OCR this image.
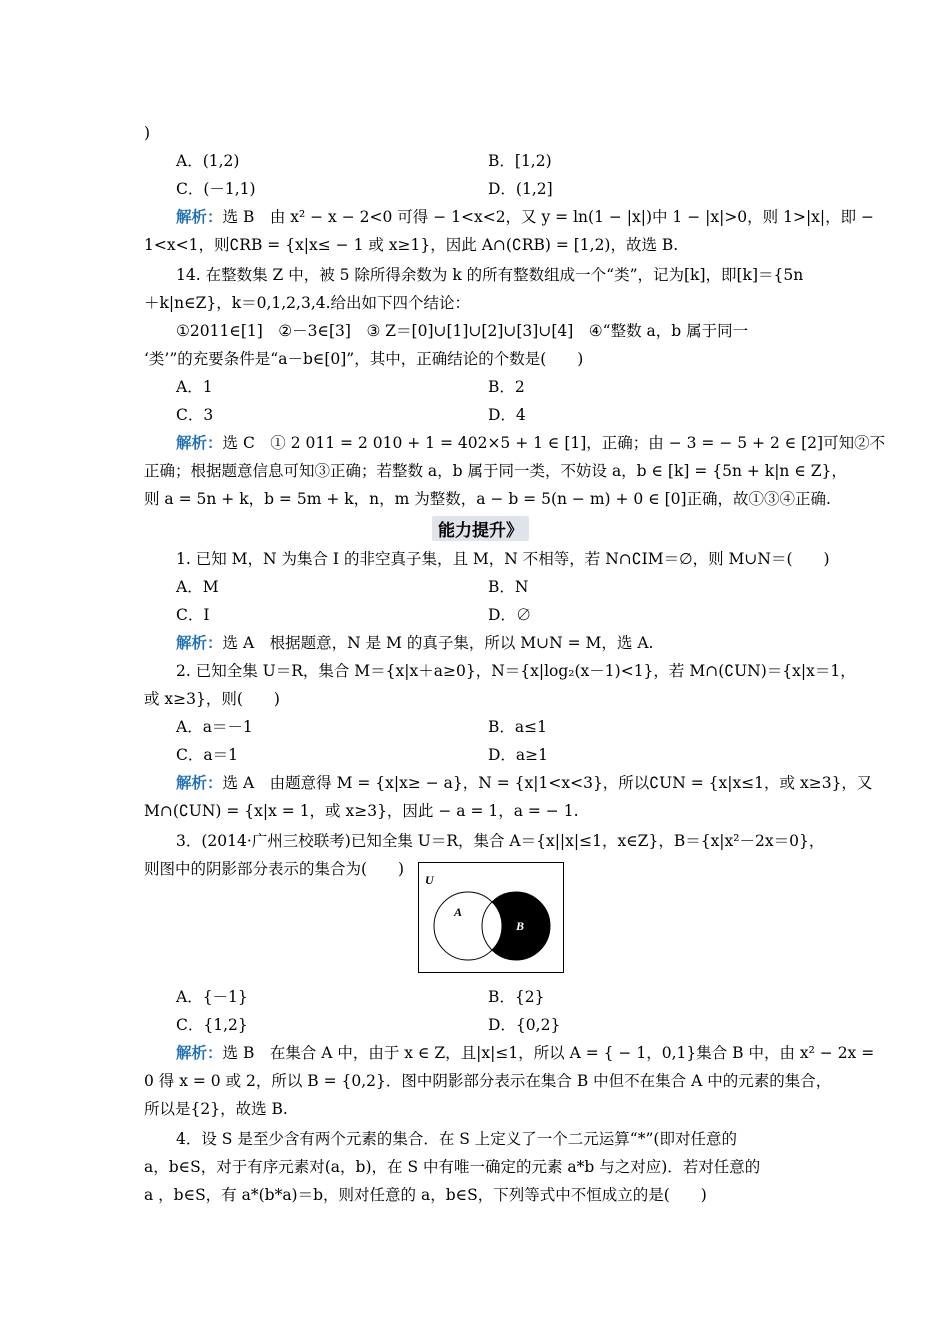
)
A．(1,2)	B．[1,2)
C．(－1,1)	D．(1,2]
解析：选 B　由 x² − x − 2<0 可得 − 1<x<2，又 y = ln(1 − |x|)中 1 − |x|>0，则 1>|x|，即 −
1<x<1，则∁RB = {x|x≤ − 1 或 x≥1}，因此 A∩(∁RB) = [1,2)，故选 B.
14. 在整数集 Z 中，被 5 除所得余数为 k 的所有整数组成一个“类”，记为[k]，即[k]＝{5n
＋k|n∈Z}，k＝0,1,2,3,4.给出如下四个结论：
①2011∈[1]　②－3∈[3]　③ Z＝[0]∪[1]∪[2]∪[3]∪[4]　④“整数 a，b 属于同一
‘类’”的充要条件是“a－b∈[0]”，其中，正确结论的个数是(　　)
A．1	B．2
C．3	D．4
解析：选 C　① 2 011 = 2 010 + 1 = 402×5 + 1 ∈ [1]，正确；由 − 3 = − 5 + 2 ∈ [2]可知②不
正确；根据题意信息可知③正确；若整数 a，b 属于同一类，不妨设 a，b ∈ [k] = {5n + k|n ∈ Z}，
则 a = 5n + k，b = 5m + k，n，m 为整数，a − b = 5(n − m) + 0 ∈ [0]正确，故①③④正确.
能力提升》
1. 已知 M，N 为集合 I 的非空真子集，且 M，N 不相等，若 N∩∁IM＝∅，则 M∪N＝(　　)
A．M	B．N
C．I	D．∅
解析：选 A　根据题意，N 是 M 的真子集，所以 M∪N = M，选 A.
2. 已知全集 U＝R，集合 M＝{x|x＋a≥0}，N＝{x|log₂(x－1)<1}，若 M∩(∁UN)＝{x|x＝1，
或 x≥3}，则(　　)
A．a＝－1	B．a≤1
C．a＝1	D．a≥1
解析：选 A　由题意得 M = {x|x≥ − a}，N = {x|1<x<3}，所以∁UN = {x|x≤1，或 x≥3}，又
M∩(∁UN) = {x|x = 1，或 x≥3}，因此 − a = 1，a = − 1.
3．(2014·广州三校联考)已知全集 U＝R，集合 A＝{x||x|≤1，x∈Z}，B＝{x|x²－2x＝0}，
则图中的阴影部分表示的集合为(　　)
U
A
B
A．{－1}	B．{2}
C．{1,2}	D．{0,2}
解析：选 B　在集合 A 中，由于 x ∈ Z，且|x|≤1，所以 A = { − 1，0,1}集合 B 中，由 x² − 2x =
0 得 x = 0 或 2，所以 B = {0,2}．图中阴影部分表示在集合 B 中但不在集合 A 中的元素的集合，
所以是{2}，故选 B.
4．设 S 是至少含有两个元素的集合．在 S 上定义了一个二元运算“*”(即对任意的
a，b∈S，对于有序元素对(a，b)，在 S 中有唯一确定的元素 a*b 与之对应)．若对任意的
a ，b∈S，有 a*(b*a)＝b，则对任意的 a，b∈S，下列等式中不恒成立的是(　　)
